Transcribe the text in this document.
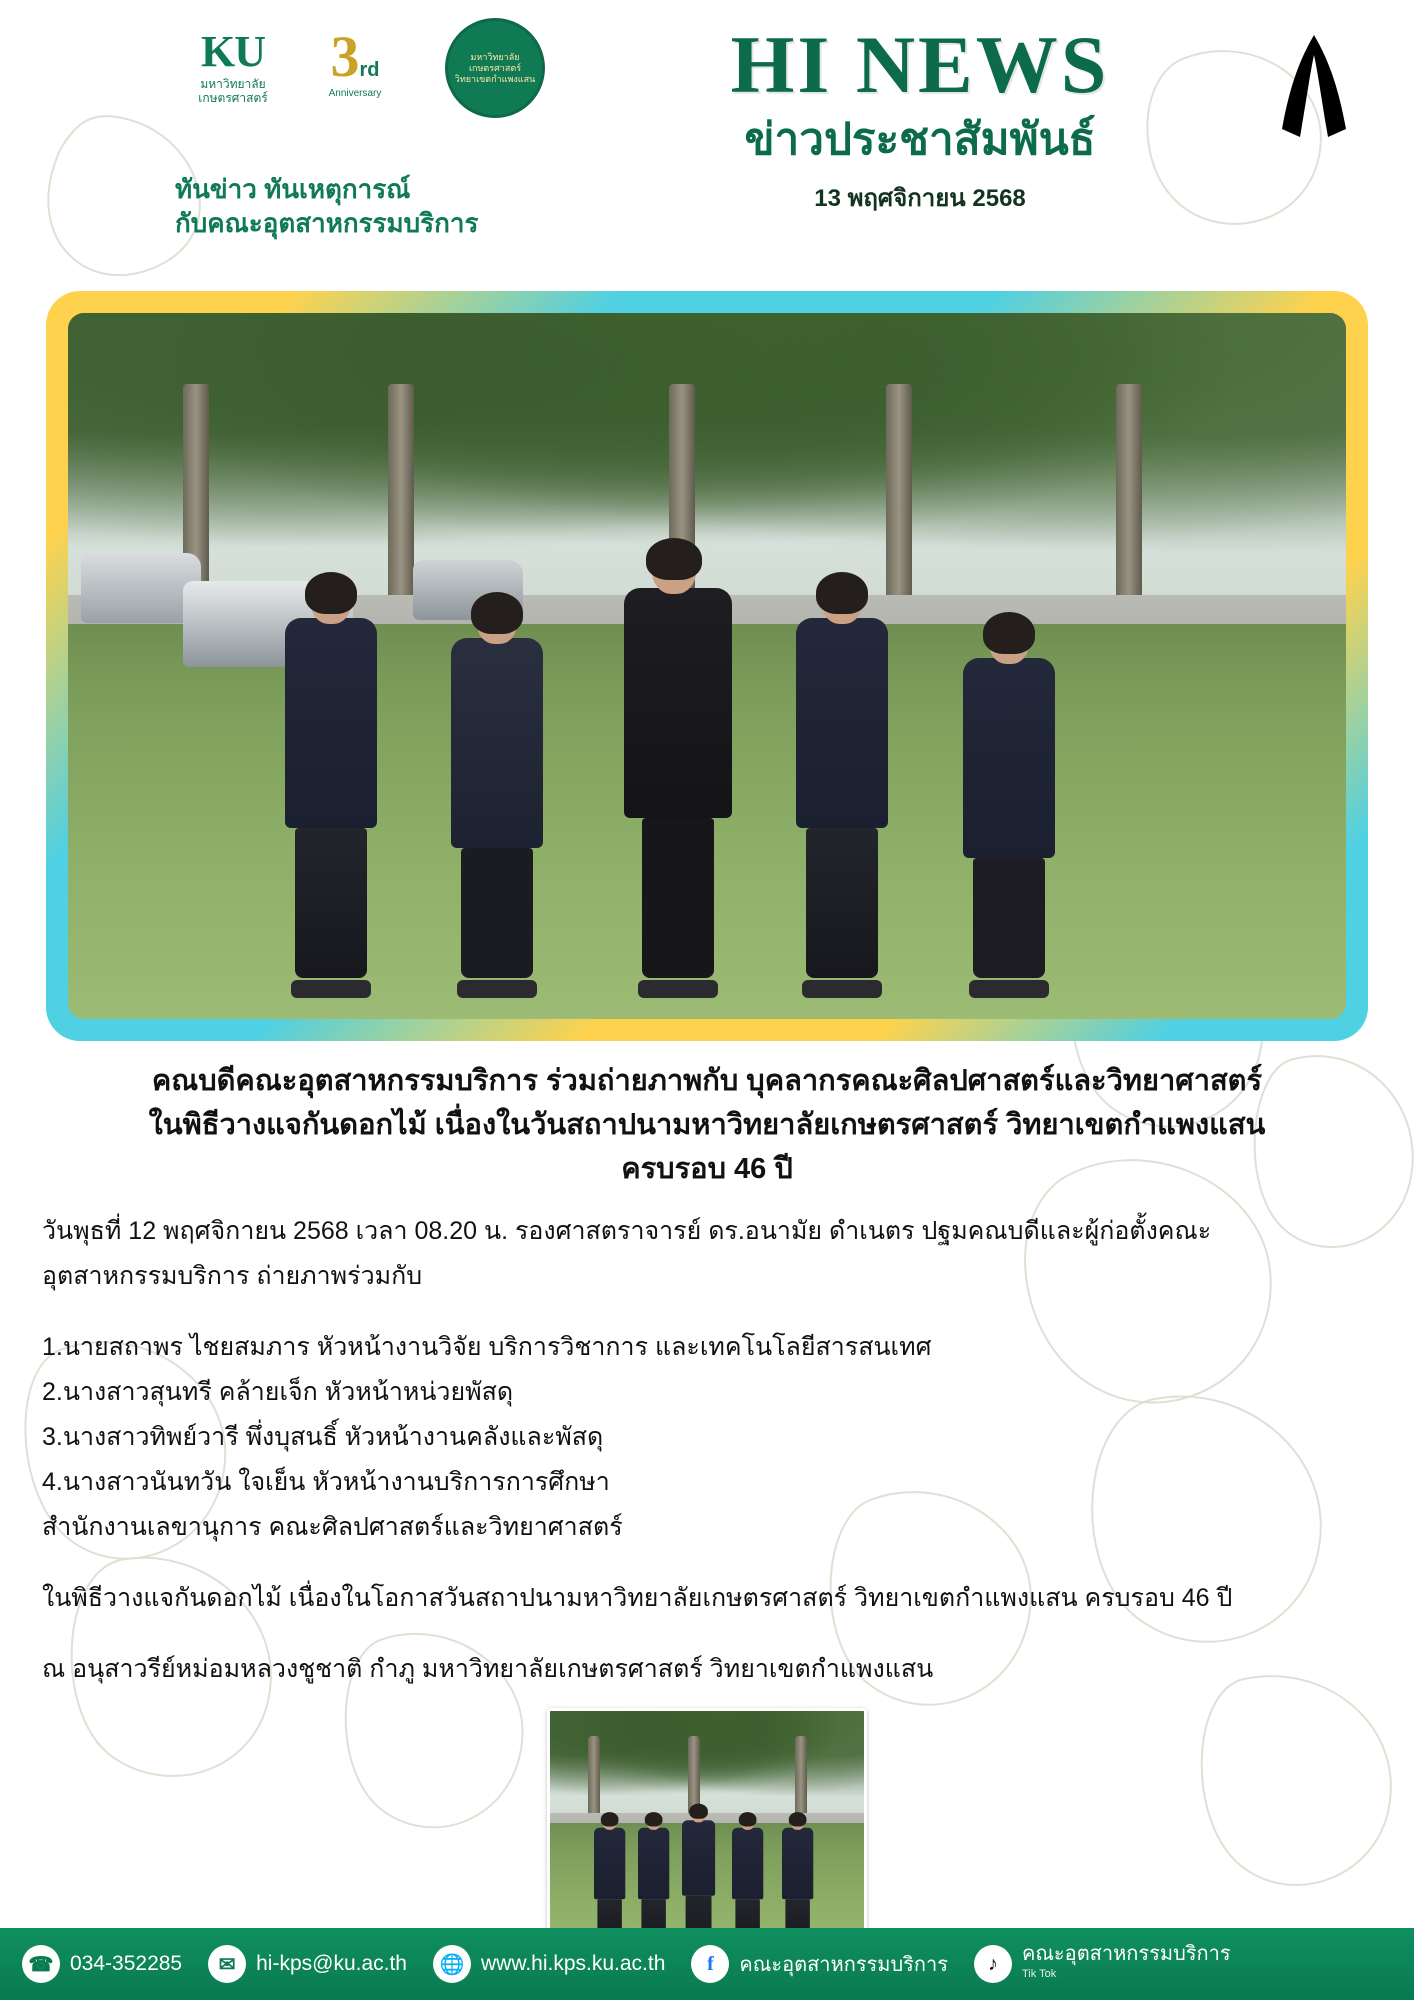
KU
มหาวิทยาลัยเกษตรศาสตร์
3rd
Anniversary
มหาวิทยาลัยเกษตรศาสตร์ วิทยาเขตกำแพงแสน
ทันข่าว ทันเหตุการณ์
กับคณะอุตสาหกรรมบริการ
HI NEWS
ข่าวประชาสัมพันธ์
13 พฤศจิกายน 2568
คณบดีคณะอุตสาหกรรมบริการ ร่วมถ่ายภาพกับ บุคลากรคณะศิลปศาสตร์และวิทยาศาสตร์
ในพิธีวางแจกันดอกไม้ เนื่องในวันสถาปนามหาวิทยาลัยเกษตรศาสตร์ วิทยาเขตกำแพงแสน
ครบรอบ 46 ปี

วันพุธที่ 12 พฤศจิกายน 2568 เวลา 08.20 น. รองศาสตราจารย์ ดร.อนามัย ดำเนตร ปฐมคณบดีและผู้ก่อตั้งคณะ

อุตสาหกรรมบริการ ถ่ายภาพร่วมกับ

1.นายสถาพร ไชยสมภาร หัวหน้างานวิจัย บริการวิชาการ และเทคโนโลยีสารสนเทศ

2.นางสาวสุนทรี คล้ายเจ็ก หัวหน้าหน่วยพัสดุ

3.นางสาวทิพย์วารี พึ่งบุสนธิ์ หัวหน้างานคลังและพัสดุ

4.นางสาวนันทวัน ใจเย็น หัวหน้างานบริการการศึกษา

สำนักงานเลขานุการ คณะศิลปศาสตร์และวิทยาศาสตร์

ในพิธีวางแจกันดอกไม้ เนื่องในโอกาสวันสถาปนามหาวิทยาลัยเกษตรศาสตร์ วิทยาเขตกำแพงแสน ครบรอบ 46 ปี

ณ อนุสาวรีย์หม่อมหลวงชูชาติ กำภู มหาวิทยาลัยเกษตรศาสตร์ วิทยาเขตกำแพงแสน

☎ 034-352285	✉ hi-kps@ku.ac.th	🌐 www.hi.kps.ku.ac.th	f	คณะอุตสาหกรรมบริการ	♪	คณะอุตสาหกรรมบริการ
Tik Tok
